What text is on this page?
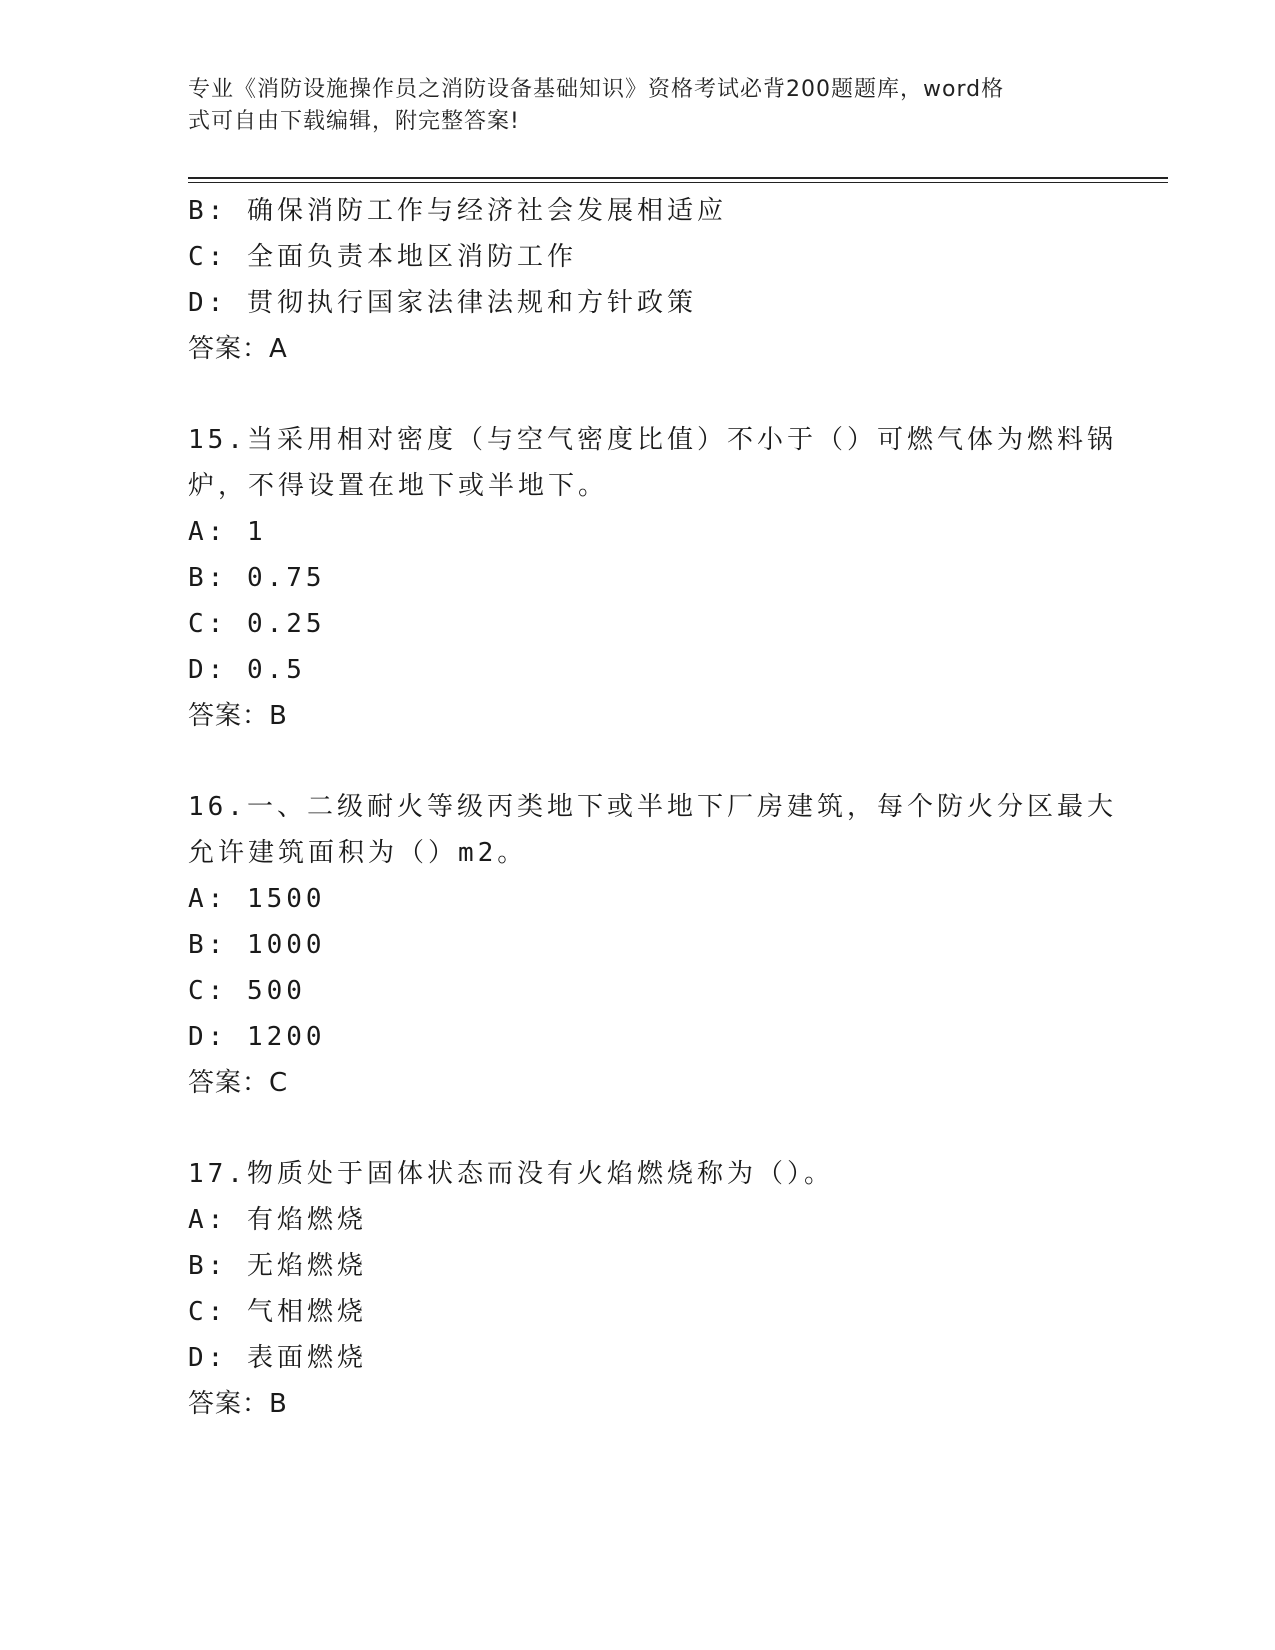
专业《消防设施操作员之消防设备基础知识》资格考试必背200题题库，word格
式可自由下载编辑，附完整答案!
B: 确保消防工作与经济社会发展相适应
C: 全面负责本地区消防工作
D: 贯彻执行国家法律法规和方针政策
答案：A
15.当采用相对密度（与空气密度比值）不小于（）可燃气体为燃料锅
炉，不得设置在地下或半地下。
A: 1
B: 0.75
C: 0.25
D: 0.5
答案：B
16.一、二级耐火等级丙类地下或半地下厂房建筑，每个防火分区最大
允许建筑面积为（）m2。
A: 1500
B: 1000
C: 500
D: 1200
答案：C
17.物质处于固体状态而没有火焰燃烧称为（）。
A: 有焰燃烧
B: 无焰燃烧
C: 气相燃烧
D: 表面燃烧
答案：B
